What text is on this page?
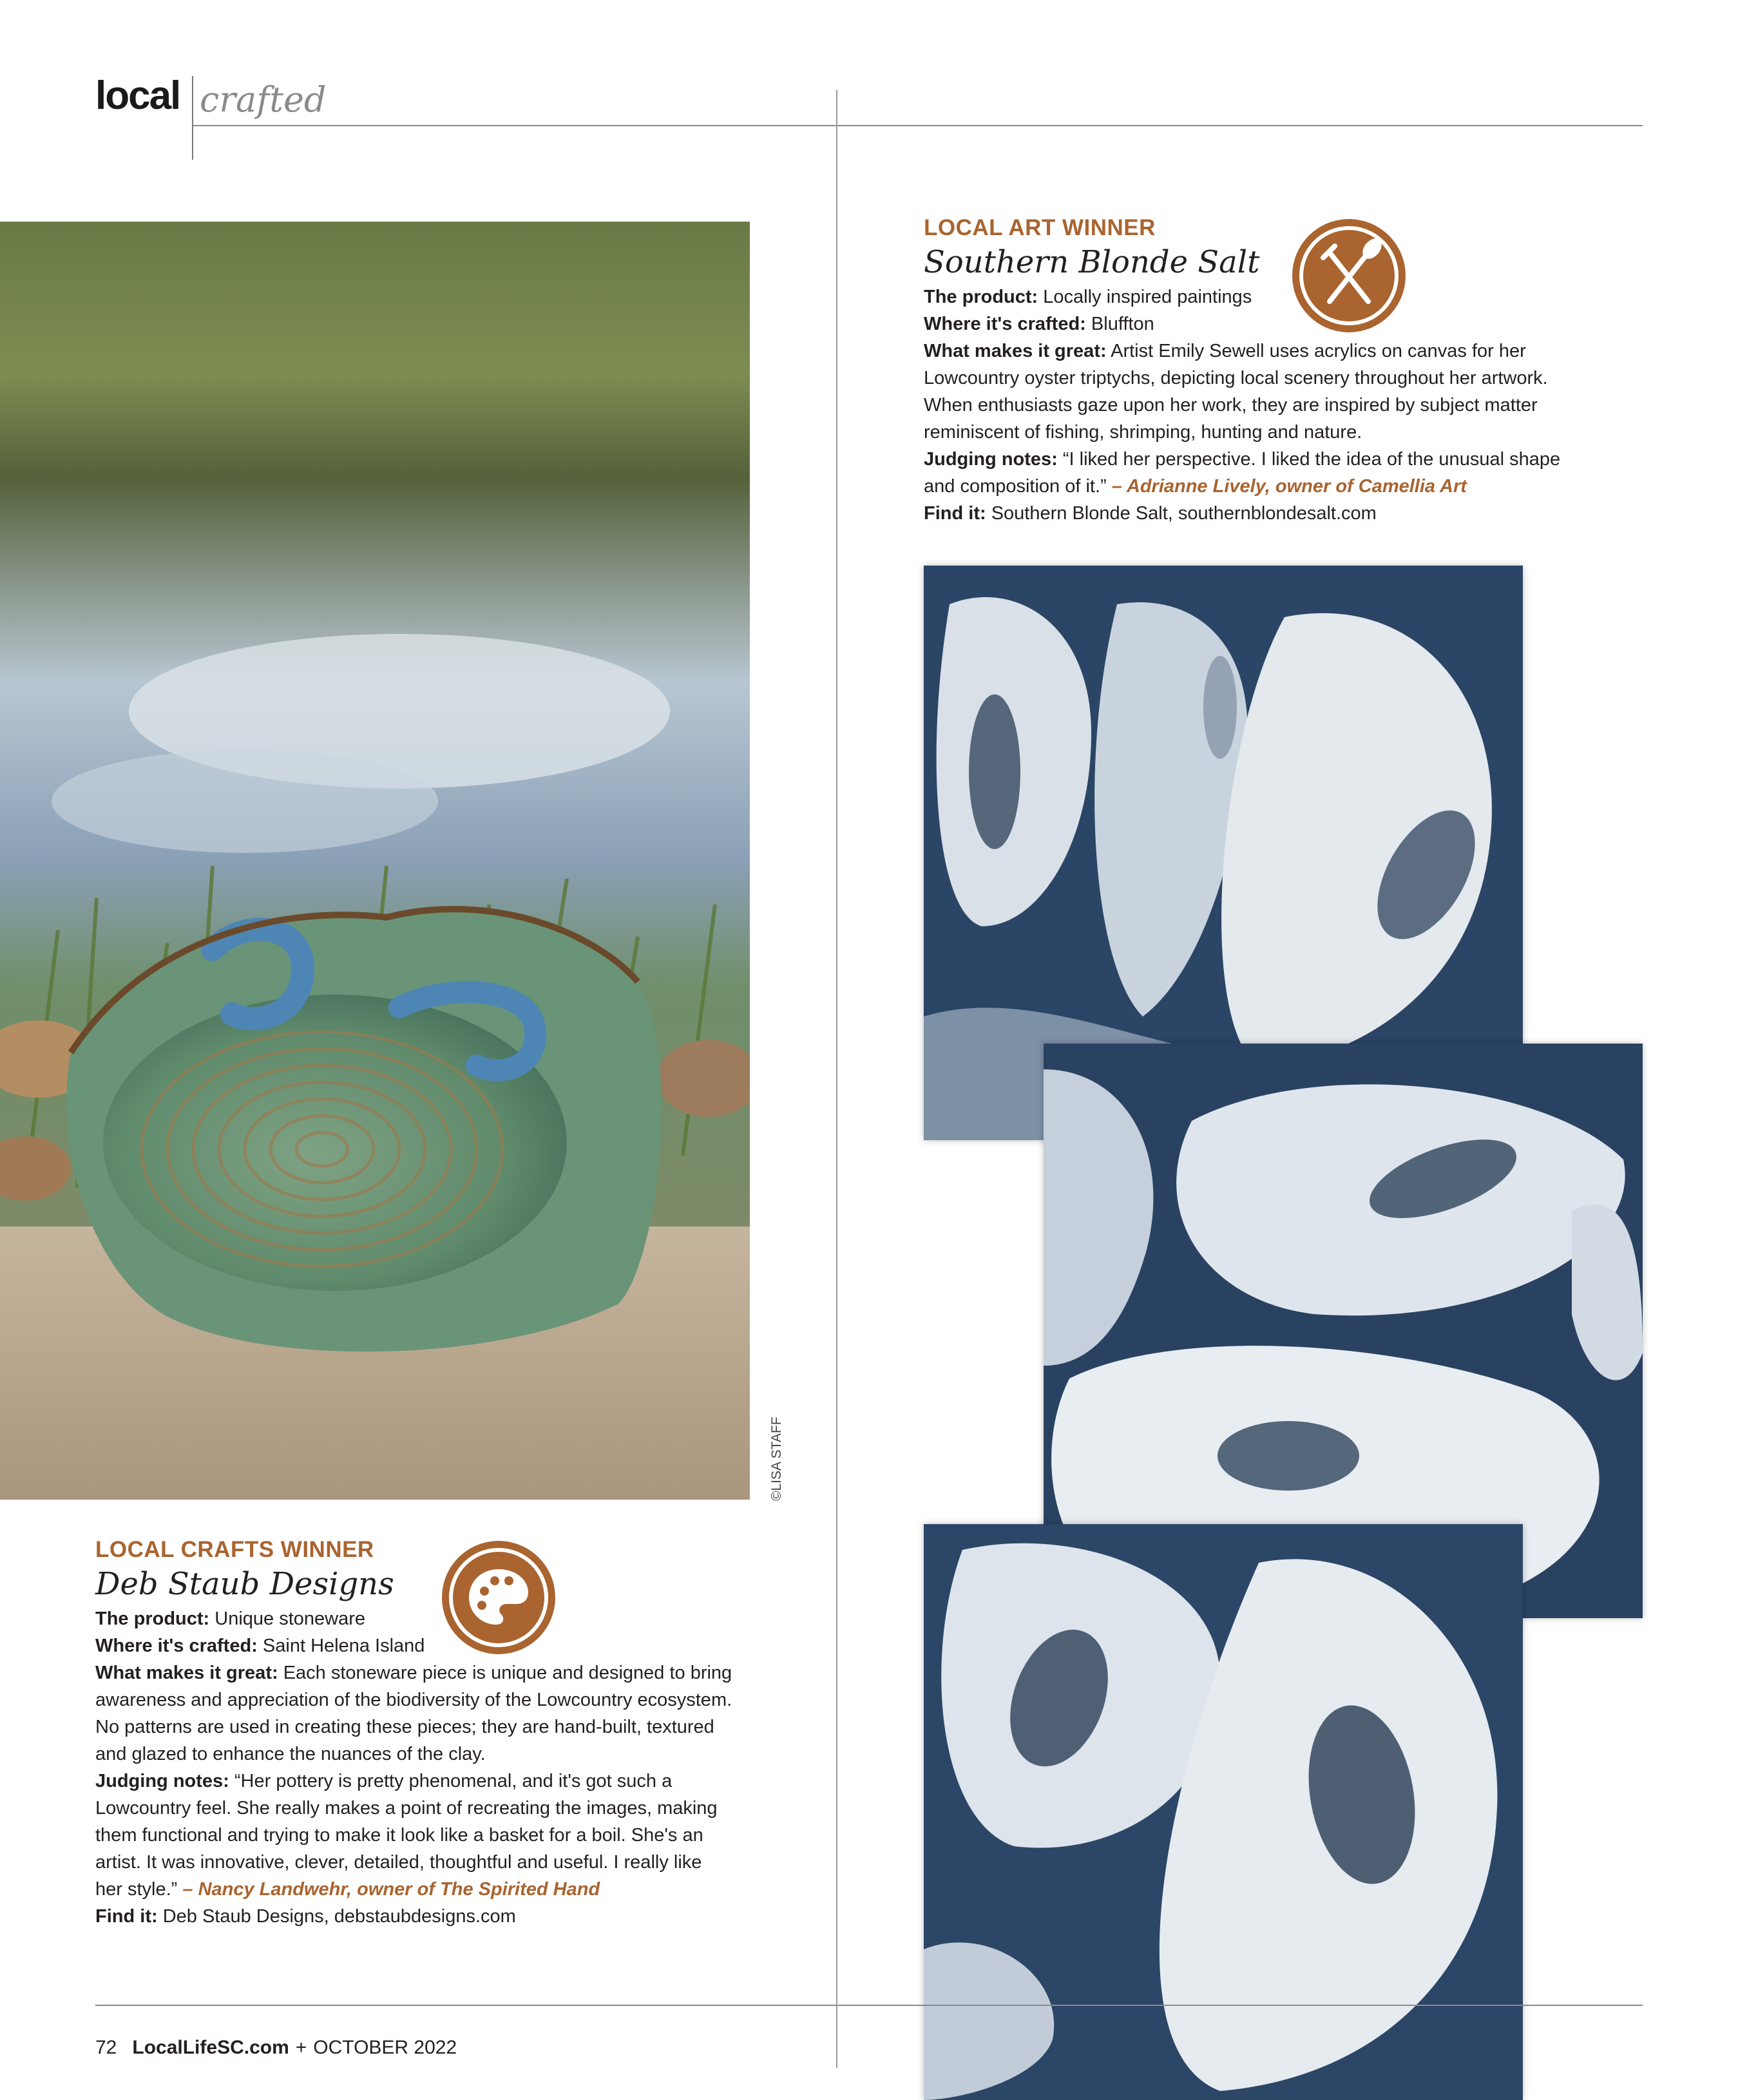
local crafted
©LISA STAFF
LOCAL CRAFTS WINNER
Deb Staub Designs

The product: Unique stoneware

Where it's crafted: Saint Helena Island

What makes it great: Each stoneware piece is unique and designed to bring awareness and appreciation of the biodiversity of the Lowcountry ecosystem. No patterns are used in creating these pieces; they are hand-built, textured and glazed to enhance the nuances of the clay.

Judging notes: “Her pottery is pretty phenomenal, and it's got such a Lowcountry feel. She really makes a point of recreating the images, making them functional and trying to make it look like a basket for a boil. She's an artist. It was innovative, clever, detailed, thoughtful and useful. I really like her style.” – Nancy Landwehr, owner of The Spirited Hand

Find it: Deb Staub Designs, debstaubdesigns.com

LOCAL ART WINNER
Southern Blonde Salt

The product: Locally inspired paintings

Where it's crafted: Bluffton

What makes it great: Artist Emily Sewell uses acrylics on canvas for her Lowcountry oyster triptychs, depicting local scenery throughout her artwork. When enthusiasts gaze upon her work, they are inspired by subject matter reminiscent of fishing, shrimping, hunting and nature.

Judging notes: “I liked her perspective. I liked the idea of the unusual shape and composition of it.” – Adrianne Lively, owner of Camellia Art

Find it: Southern Blonde Salt, southernblondesalt.com

72 LocalLifeSC.com + OCTOBER 2022
